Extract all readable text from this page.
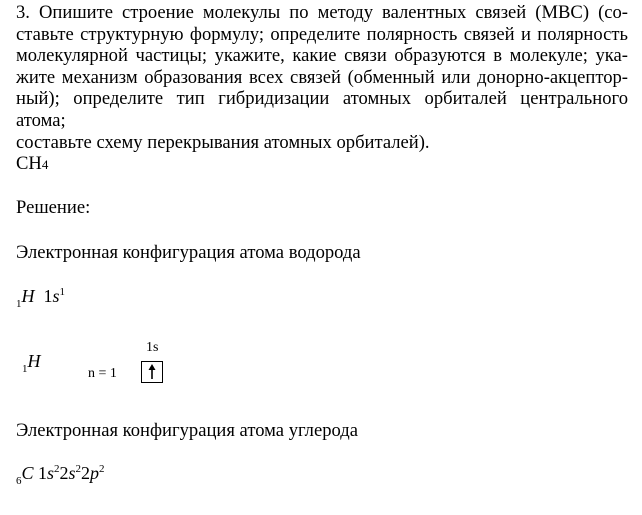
3. Опишите строение молекулы по методу валентных связей (МВС) (со-
ставьте структурную формулу; определите полярность связей и полярность
молекулярной частицы; укажите, какие связи образуются в молекуле; ука-
жите механизм образования всех связей (обменный или донорно-акцептор-
ный); определите тип гибридизации атомных орбиталей центрального атома;
составьте схему перекрывания атомных орбиталей).
CH4
Решение:
Электронная конфигурация атома водорода
$_1$H $1s^1$
$_1$H
n = 1
1s
Электронная конфигурация атома углерода
$_6$C $1s^22s^22p^2$
